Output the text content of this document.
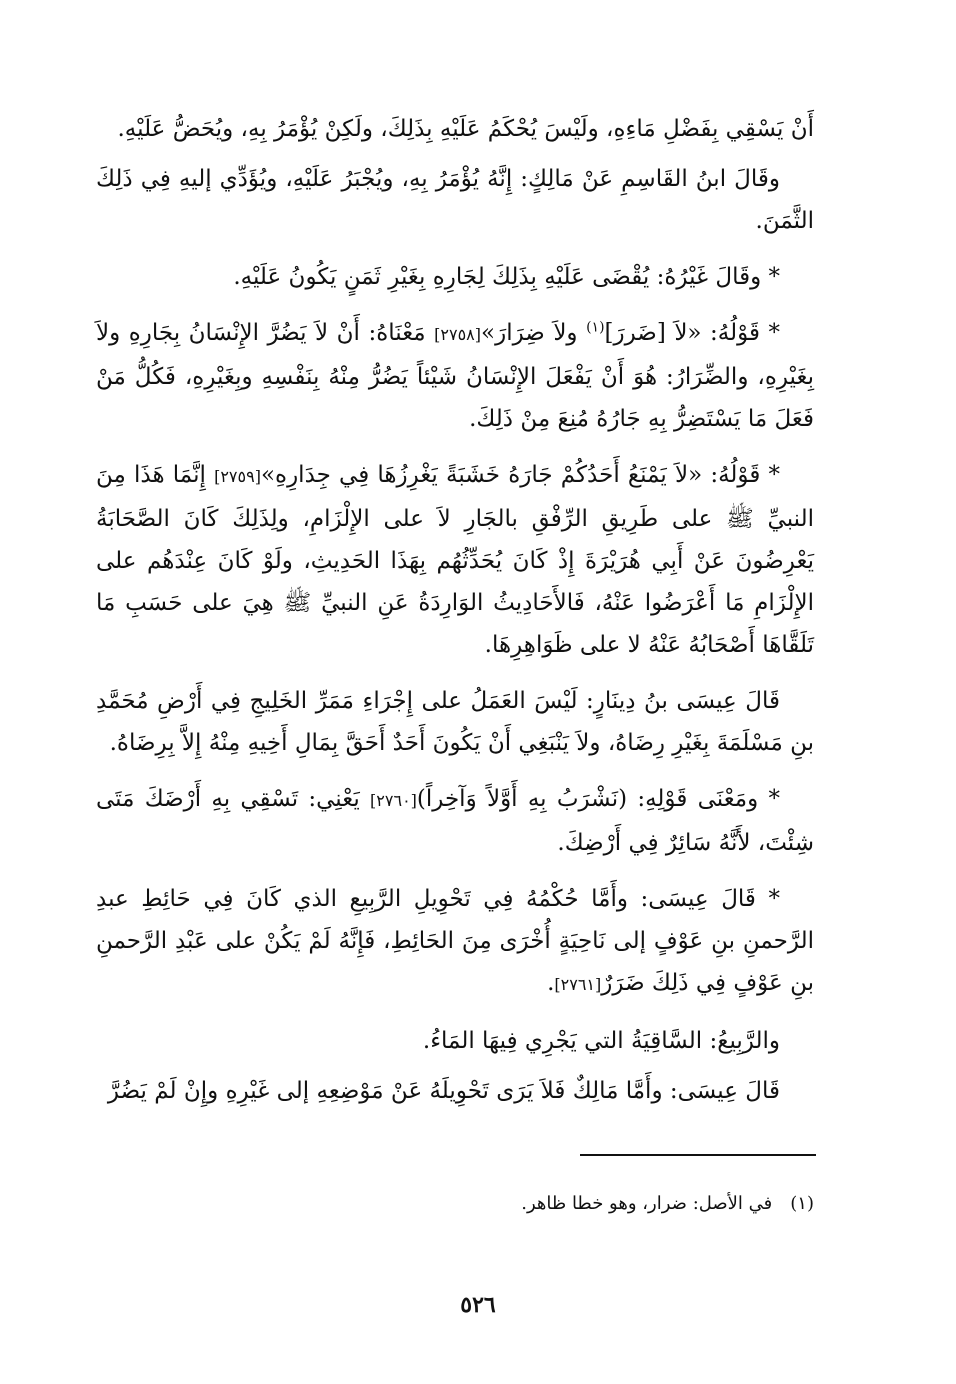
أَنْ يَسْقِي بِفَضْلِ مَاءِهِ، ولَيْسَ يُحْكَمُ عَلَيْهِ بِذَلِكَ، ولَكِنْ يُؤْمَرُ بِهِ، ويُحَضُّ عَلَيْهِ.

وقَالَ ابنُ القَاسِمِ عَنْ مَالِكٍ: إِنَّهُ يُؤْمَرُ بِهِ، ويُجْبَرُ عَلَيْهِ، ويُؤَدِّي إليهِ فِي ذَلِكَ الثَّمَنَ.

* وقَالَ غَيْرُهُ: يُقْضَى عَلَيْهِ بِذَلِكَ لِجَارِهِ بِغَيْرِ ثَمَنٍ يَكُونُ عَلَيْهِ.

* قَوْلُهُ: «لاَ [ضَررَ]$^{(١)}$ ولاَ ضِرَارَ»[٢٧٥٨] مَعْنَاهُ: أَنْ لاَ يَضُرَّ الإِنْسَانُ بِجَارِهِ ولاَ بِغَيْرِهِ، والضِّرَارُ: هُوَ أَنْ يَفْعَلَ الإِنْسَانُ شَيْئاً يَضُرُّ مِنْهُ بِنَفْسِهِ وبِغَيْرِهِ، فَكُلُّ مَنْ فَعَلَ مَا يَسْتَضِرُّ بِهِ جَارُهُ مُنِعَ مِنْ ذَلِكَ.

* قَوْلُهُ: «لاَ يَمْنَعُ أَحَدُكُمْ جَارَهُ خَشَبَةً يَغْرِزُهَا فِي جِدَارِهِ»[٢٧٥٩] إِنَّمَا هَذَا مِنَ النبيِّ ﷺ على طَرِيقِ الرِّفْقِ بالجَارِ لاَ على الإِلْزَامِ، ولِذَلِكَ كَانَ الصَّحَابَةُ يَعْرِضُونَ عَنْ أَبِي هُرَيْرَةَ إِذْ كَانَ يُحَدِّثُهُم بِهَذَا الحَدِيثِ، ولَوْ كَانَ عِنْدَهُم على الإِلْزَامِ مَا أَعْرَضُوا عَنْهُ، فَالأَحَادِيثُ الوَارِدَةُ عَنِ النبيِّ ﷺ هِيَ على حَسَبِ مَا تَلَقَّاهَا أَصْحَابُهُ عَنْهُ لا على ظَوَاهِرِهَا.

قَالَ عِيسَى بنُ دِينَارٍ: لَيْسَ العَمَلُ على إِجْرَاءِ مَمَرِّ الخَلِيجِ فِي أَرْضِ مُحَمَّدِ بنِ مَسْلَمَةَ بِغَيْرِ رِضَاهُ، ولاَ يَنْبَغِي أَنْ يَكُونَ أَحَدٌ أَحَقَّ بِمَالِ أَخِيهِ مِنْهُ إِلاَّ بِرِضَاهُ.

* ومَعْنَى قَوْلِهِ: (نَشْرَبُ بِهِ أَوَّلاً وَآخِراً)[٢٧٦٠] يَعْنِي: تَسْقِي بِهِ أَرْضَكَ مَتَى شِئْتَ، لأَنَّهُ سَائِرٌ فِي أَرْضِكَ.

* قَالَ عِيسَى: وأَمَّا حُكْمُهُ فِي تَحْوِيلِ الرَّبِيعِ الذي كَانَ فِي حَائِطِ عبدِ الرَّحمنِ بنِ عَوْفٍ إلى نَاحِيَةٍ أُخْرَى مِنَ الحَائِطِ، فَإِنَّهُ لَمْ يَكُنْ على عَبْدِ الرَّحمنِ بنِ عَوْفٍ فِي ذَلِكَ ضَرَرٌ[٢٧٦١].

والرَّبِيعُ: السَّاقِيَةُ التي يَجْرِي فِيهَا المَاءُ.

قَالَ عِيسَى: وأَمَّا مَالِكٌ فَلاَ يَرَى تَحْوِيلَهُ عَنْ مَوْضِعِهِ إلى غَيْرِهِ وإِنْ لَمْ يَضُرَّ

(١)في الأصل: ضرار، وهو خطا ظاهر.
٥٢٦
